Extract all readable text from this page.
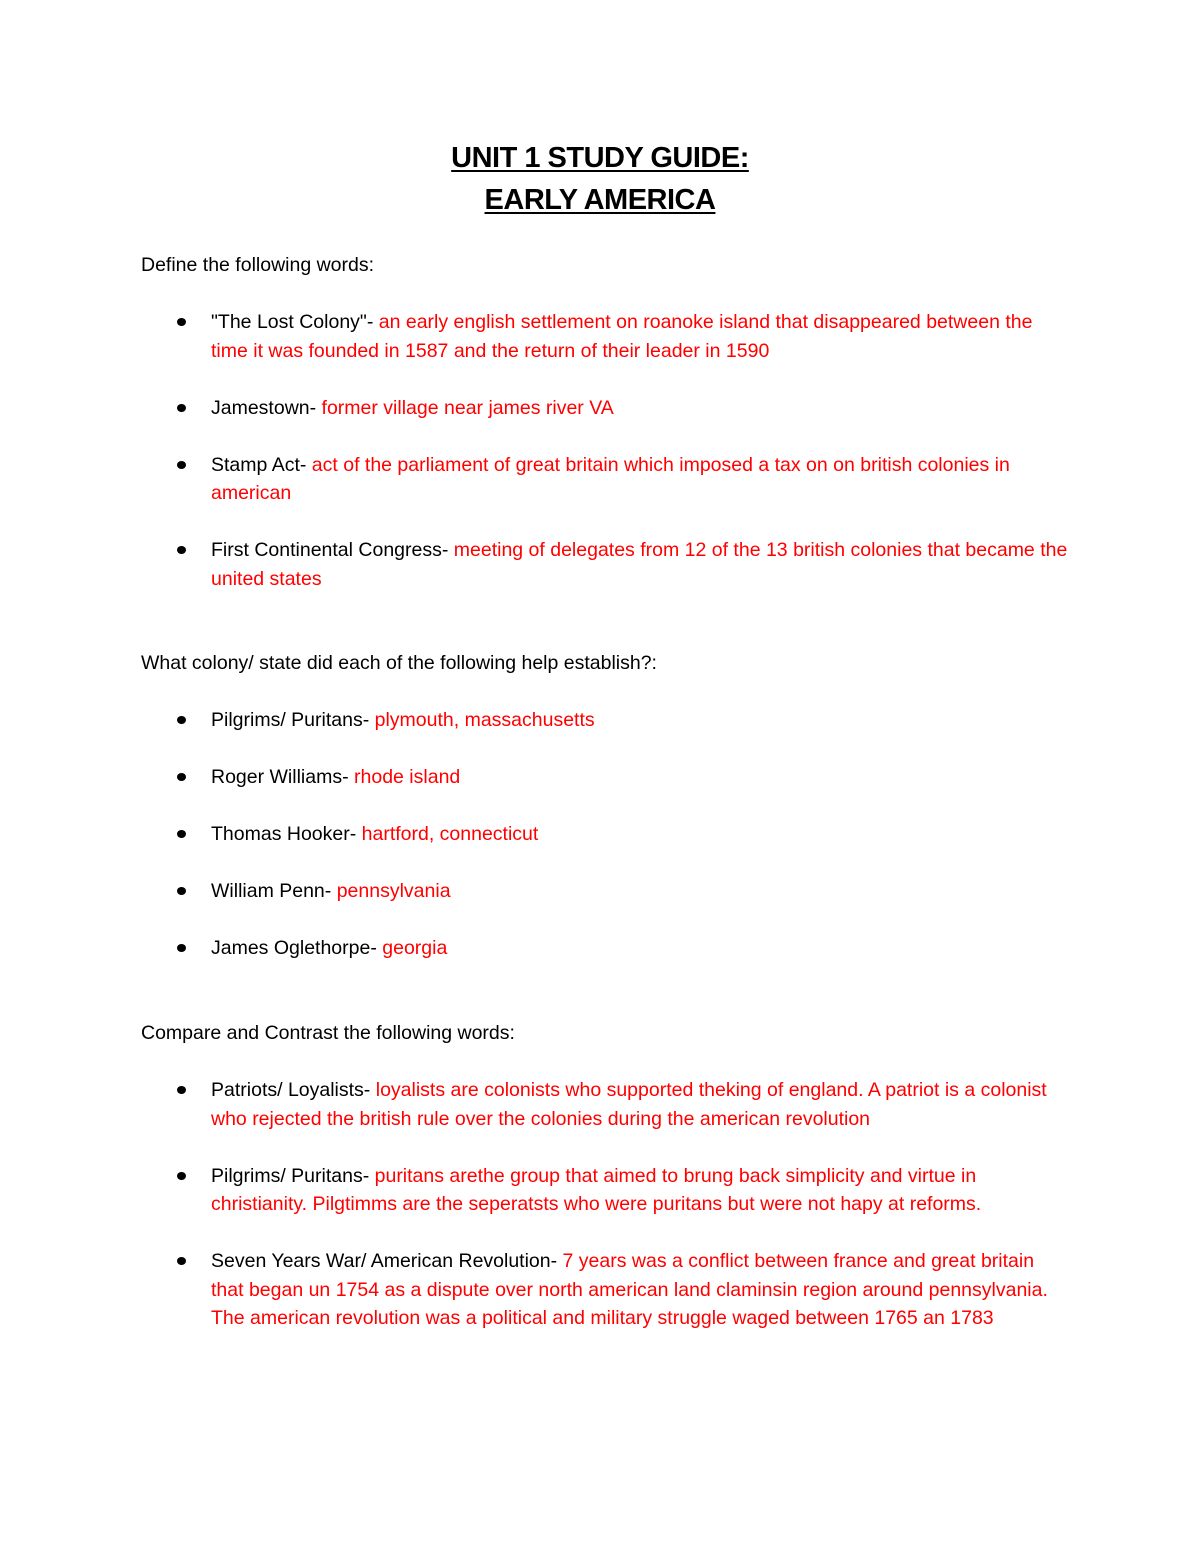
UNIT 1 STUDY GUIDE:
EARLY AMERICA

Define the following words:

"The Lost Colony"- an early english settlement on roanoke island that disappeared between the time it was founded in 1587 and the return of their leader in 1590
Jamestown- former village near james river VA
Stamp Act- act of the parliament of great britain which imposed a tax on on british colonies in american
First Continental Congress- meeting of delegates from 12 of the 13 british colonies that became the united states

What colony/ state did each of the following help establish?:

Pilgrims/ Puritans- plymouth, massachusetts
Roger Williams- rhode island
Thomas Hooker- hartford, connecticut
William Penn- pennsylvania
James Oglethorpe- georgia

Compare and Contrast the following words:

Patriots/ Loyalists- loyalists are colonists who supported theking of england. A patriot is a colonist who rejected the british rule over the colonies during the american revolution
Pilgrims/ Puritans- puritans arethe group that aimed to brung back simplicity and virtue in christianity. Pilgtimms are the seperatsts who were puritans but were not hapy at reforms.
Seven Years War/ American Revolution- 7 years was a conflict between france and great britain that began un 1754 as a dispute over north american land claminsin region around pennsylvania. The american revolution was a political and military struggle waged between 1765 an 1783
